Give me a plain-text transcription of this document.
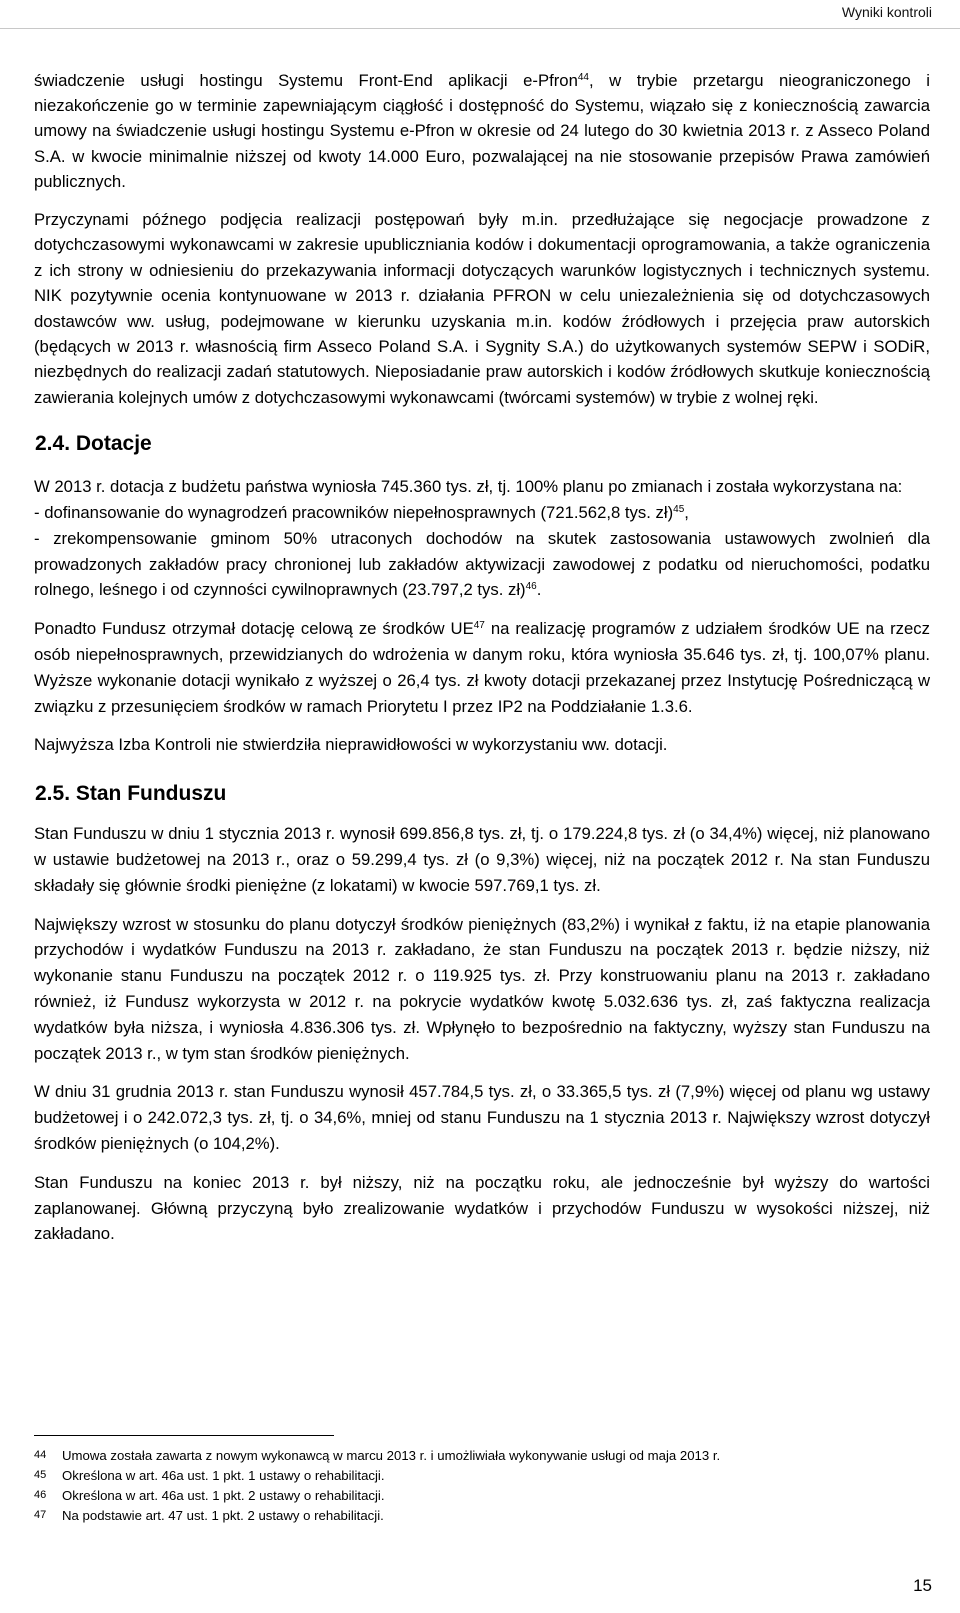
Wyniki kontroli

świadczenie usługi hostingu Systemu Front-End aplikacji e-Pfron$^{44}$, w trybie przetargu nieograniczonego i niezakończenie go w terminie zapewniającym ciągłość i dostępność do Systemu, wiązało się z koniecznością zawarcia umowy na świadczenie usługi hostingu Systemu e-Pfron w okresie od 24 lutego do 30 kwietnia 2013 r. z Asseco Poland S.A. w kwocie minimalnie niższej od kwoty 14.000 Euro, pozwalającej na nie stosowanie przepisów Prawa zamówień publicznych.

Przyczynami późnego podjęcia realizacji postępowań były m.in. przedłużające się negocjacje prowadzone z dotychczasowymi wykonawcami w zakresie upubliczniania kodów i dokumentacji oprogramowania, a także ograniczenia z ich strony w odniesieniu do przekazywania informacji dotyczących warunków logistycznych i technicznych systemu. NIK pozytywnie ocenia kontynuowane w 2013 r. działania PFRON w celu uniezależnienia się od dotychczasowych dostawców ww. usług, podejmowane w kierunku uzyskania m.in. kodów źródłowych i przejęcia praw autorskich (będących w 2013 r. własnością firm Asseco Poland S.A. i Sygnity S.A.) do użytkowanych systemów SEPW i SODiR, niezbędnych do realizacji zadań statutowych. Nieposiadanie praw autorskich i kodów źródłowych skutkuje koniecznością zawierania kolejnych umów z dotychczasowymi wykonawcami (twórcami systemów) w trybie z wolnej ręki.

2.4. Dotacje

W 2013 r. dotacja z budżetu państwa wyniosła 745.360 tys. zł, tj. 100% planu po zmianach i została wykorzystana na:

- dofinansowanie do wynagrodzeń pracowników niepełnosprawnych (721.562,8 tys. zł)$^{45}$,

- zrekompensowanie gminom 50% utraconych dochodów na skutek zastosowania ustawowych zwolnień dla prowadzonych zakładów pracy chronionej lub zakładów aktywizacji zawodowej z podatku od nieruchomości, podatku rolnego, leśnego i od czynności cywilnoprawnych (23.797,2 tys. zł)$^{46}$.

Ponadto Fundusz otrzymał dotację celową ze środków UE$^{47}$ na realizację programów z udziałem środków UE na rzecz osób niepełnosprawnych, przewidzianych do wdrożenia w danym roku, która wyniosła 35.646 tys. zł, tj. 100,07% planu. Wyższe wykonanie dotacji wynikało z wyższej o 26,4 tys. zł kwoty dotacji przekazanej przez Instytucję Pośredniczącą w związku z przesunięciem środków w ramach Priorytetu I przez IP2 na Poddziałanie 1.3.6.

Najwyższa Izba Kontroli nie stwierdziła nieprawidłowości w wykorzystaniu ww. dotacji.

2.5. Stan Funduszu

Stan Funduszu w dniu 1 stycznia 2013 r. wynosił 699.856,8 tys. zł, tj. o 179.224,8 tys. zł (o 34,4%) więcej, niż planowano w ustawie budżetowej na 2013 r., oraz o 59.299,4 tys. zł (o 9,3%) więcej, niż na początek 2012 r. Na stan Funduszu składały się głównie środki pieniężne (z lokatami) w kwocie 597.769,1 tys. zł.

Największy wzrost w stosunku do planu dotyczył środków pieniężnych (83,2%) i wynikał z faktu, iż na etapie planowania przychodów i wydatków Funduszu na 2013 r. zakładano, że stan Funduszu na początek 2013 r. będzie niższy, niż wykonanie stanu Funduszu na początek 2012 r. o 119.925 tys. zł. Przy konstruowaniu planu na 2013 r. zakładano również, iż Fundusz wykorzysta w 2012 r. na pokrycie wydatków kwotę 5.032.636 tys. zł, zaś faktyczna realizacja wydatków była niższa, i wyniosła 4.836.306 tys. zł. Wpłynęło to bezpośrednio na faktyczny, wyższy stan Funduszu na początek 2013 r., w tym stan środków pieniężnych.

W dniu 31 grudnia 2013 r. stan Funduszu wynosił 457.784,5 tys. zł, o 33.365,5 tys. zł (7,9%) więcej od planu wg ustawy budżetowej i o 242.072,3 tys. zł, tj. o 34,6%, mniej od stanu Funduszu na 1 stycznia 2013 r. Największy wzrost dotyczył środków pieniężnych (o 104,2%).

Stan Funduszu na koniec 2013 r. był niższy, niż na początku roku, ale jednocześnie był wyższy do wartości zaplanowanej. Główną przyczyną było zrealizowanie wydatków i przychodów Funduszu w wysokości niższej, niż zakładano.

44 Umowa została zawarta z nowym wykonawcą w marcu 2013 r. i umożliwiała wykonywanie usługi od maja 2013 r.
45 Określona w art. 46a ust. 1 pkt. 1 ustawy o rehabilitacji.
46 Określona w art. 46a ust. 1 pkt. 2 ustawy o rehabilitacji.
47 Na podstawie art. 47 ust. 1 pkt. 2 ustawy o rehabilitacji.
15
